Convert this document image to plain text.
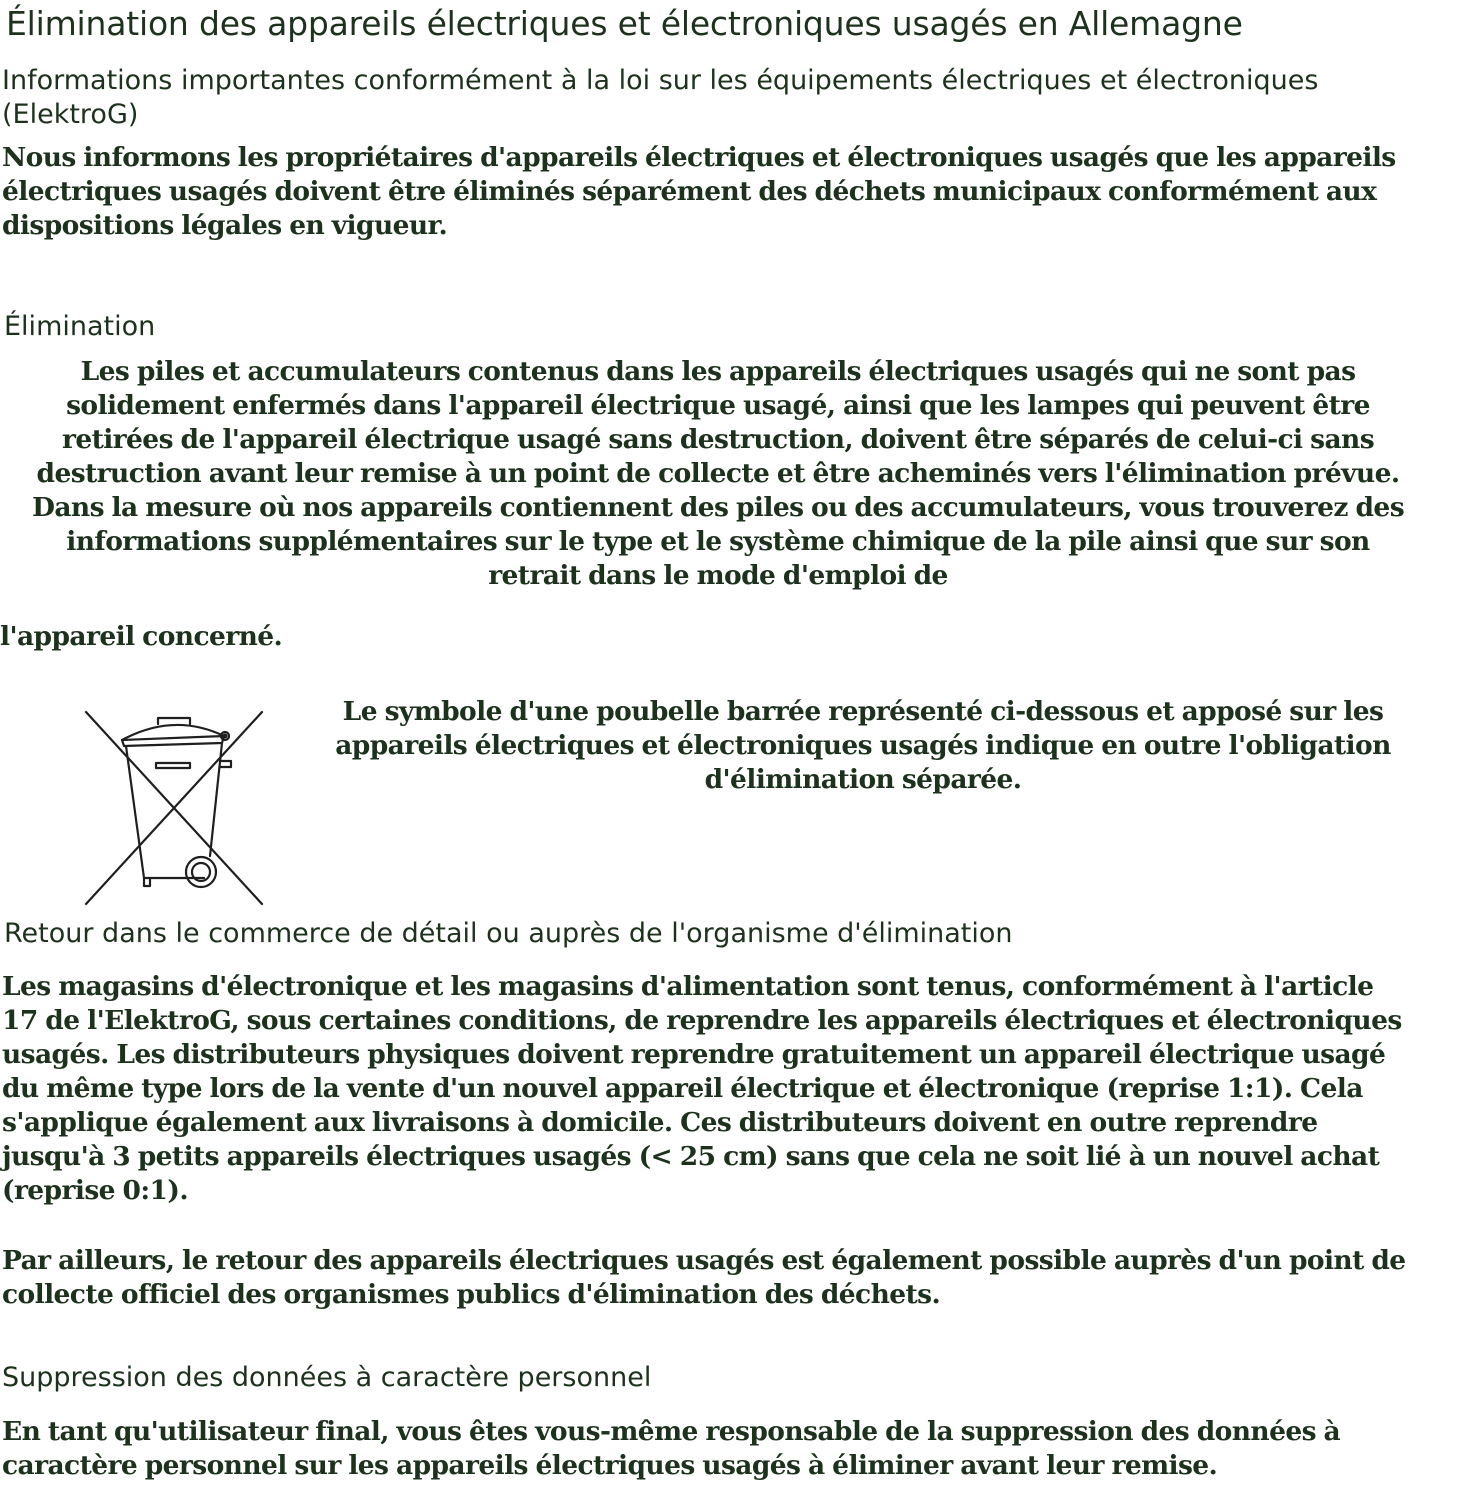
Élimination des appareils électriques et électroniques usagés en Allemagne
Informations importantes conformément à la loi sur les équipements électriques et électroniques
(ElektroG)
Nous informons les propriétaires d'appareils électriques et électroniques usagés que les appareils
électriques usagés doivent être éliminés séparément des déchets municipaux conformément aux
dispositions légales en vigueur.
Élimination
Les piles et accumulateurs contenus dans les appareils électriques usagés qui ne sont pas
solidement enfermés dans l'appareil électrique usagé, ainsi que les lampes qui peuvent être
retirées de l'appareil électrique usagé sans destruction, doivent être séparés de celui-ci sans
destruction avant leur remise à un point de collecte et être acheminés vers l'élimination prévue.
Dans la mesure où nos appareils contiennent des piles ou des accumulateurs, vous trouverez des
informations supplémentaires sur le type et le système chimique de la pile ainsi que sur son
retrait dans le mode d'emploi de
l'appareil concerné.
Le symbole d'une poubelle barrée représenté ci-dessous et apposé sur les
appareils électriques et électroniques usagés indique en outre l'obligation
d'élimination séparée.
Retour dans le commerce de détail ou auprès de l'organisme d'élimination
Les magasins d'électronique et les magasins d'alimentation sont tenus, conformément à l'article
17 de l'ElektroG, sous certaines conditions, de reprendre les appareils électriques et électroniques
usagés. Les distributeurs physiques doivent reprendre gratuitement un appareil électrique usagé
du même type lors de la vente d'un nouvel appareil électrique et électronique (reprise 1:1). Cela
s'applique également aux livraisons à domicile. Ces distributeurs doivent en outre reprendre
jusqu'à 3 petits appareils électriques usagés (< 25 cm) sans que cela ne soit lié à un nouvel achat
(reprise 0:1).
Par ailleurs, le retour des appareils électriques usagés est également possible auprès d'un point de
collecte officiel des organismes publics d'élimination des déchets.
Suppression des données à caractère personnel
En tant qu'utilisateur final, vous êtes vous-même responsable de la suppression des données à
caractère personnel sur les appareils électriques usagés à éliminer avant leur remise.
